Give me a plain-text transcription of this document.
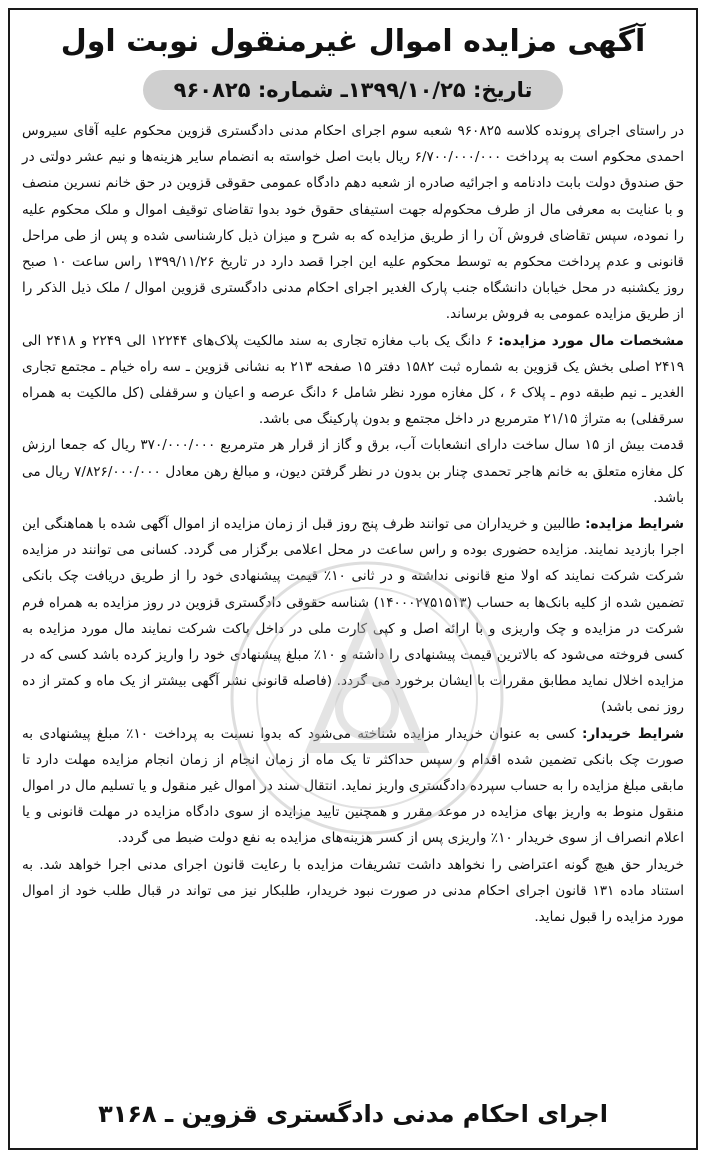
آگهی مزایده اموال غیرمنقول نوبت اول
تاریخ: ۱۳۹۹/۱۰/۲۵ـ شماره: ۹۶۰۸۲۵

در راستای اجرای پرونده کلاسه ۹۶۰۸۲۵ شعبه سوم اجرای احکام مدنی دادگستری قزوین محکوم علیه آقای سیروس احمدی محکوم است به پرداخت ۶/۷۰۰/۰۰۰/۰۰۰ ریال بابت اصل خواسته به انضمام سایر هزینه‌ها و نیم عشر دولتی در حق صندوق دولت بابت دادنامه و اجرائیه صادره از شعبه دهم دادگاه عمومی حقوقی قزوین در حق خانم نسرین منصف و با عنایت به معرفی مال از طرف محکوم‌له جهت استیفای حقوق خود بدوا تقاضای توقیف اموال و ملک محکوم علیه را نموده، سپس تقاضای فروش آن را از طریق مزایده که به شرح و میزان ذیل کارشناسی شده و پس از طی مراحل قانونی و عدم پرداخت محکوم به توسط محکوم علیه این اجرا قصد دارد در تاریخ ۱۳۹۹/۱۱/۲۶ راس ساعت ۱۰ صبح روز یکشنبه در محل خیابان دانشگاه جنب پارک الغدیر اجرای احکام مدنی دادگستری قزوین اموال / ملک ذیل الذکر را از طریق مزایده عمومی به فروش برساند.

مشخصات مال مورد مزایده: ۶ دانگ یک باب مغازه تجاری به سند مالکیت پلاک‌های ۱۲۲۴۴ الی ۲۲۴۹ و ۲۴۱۸ الی ۲۴۱۹ اصلی بخش یک قزوین به شماره ثبت ۱۵۸۲ دفتر ۱۵ صفحه ۲۱۳ به نشانی قزوین ـ سه راه خیام ـ مجتمع تجاری الغدیر ـ نیم طبقه دوم ـ پلاک ۶ ، کل مغازه مورد نظر شامل ۶ دانگ عرصه و اعیان و سرقفلی (کل مالکیت به همراه سرقفلی) به متراژ ۲۱/۱۵ مترمربع در داخل مجتمع و بدون پارکینگ می باشد.

قدمت بیش از ۱۵ سال ساخت دارای انشعابات آب، برق و گاز از قرار هر مترمربع ۳۷۰/۰۰۰/۰۰۰ ریال که جمعا ارزش کل مغازه متعلق به خانم هاجر تحمدی چنار بن بدون در نظر گرفتن دیون، و مبالغ رهن معادل ۷/۸۲۶/۰۰۰/۰۰۰ ریال می باشد.

شرایط مزایده: طالبین و خریداران می توانند ظرف پنج روز قبل از زمان مزایده از اموال آگهی شده با هماهنگی این اجرا بازدید نمایند. مزایده حضوری بوده و راس ساعت در محل اعلامی برگزار می گردد. کسانی می توانند در مزایده شرکت شرکت نمایند که اولا منع قانونی نداشته و در ثانی ۱۰٪ قیمت پیشنهادی خود را از طریق دریافت چک بانکی تضمین شده از کلیه بانک‌ها به حساب (۱۴۰۰۰۲۷۵۱۵۱۳) شناسه حقوقی دادگستری قزوین در روز مزایده به همراه فرم شرکت در مزایده و چک واریزی و با ارائه اصل و کپی کارت ملی در داخل پاکت شرکت نمایند مال مورد مزایده به کسی فروخته می‌شود که بالاترین قیمت پیشنهادی را داشته و ۱۰٪ مبلغ پیشنهادی خود را واریز کرده باشد کسی که در مزایده اخلال نماید مطابق مقررات با ایشان برخورد می گردد. (فاصله قانونی نشر آگهی بیشتر از یک ماه و کمتر از ده روز نمی باشد)

شرایط خریدار: کسی به عنوان خریدار مزایده شناخته می‌شود که بدوا نسبت به پرداخت ۱۰٪ مبلغ پیشنهادی به صورت چک بانکی تضمین شده اقدام و سپس حداکثر تا یک ماه از زمان انجام از زمان انجام مزایده مهلت دارد تا مابقی مبلغ مزایده را به حساب سپرده دادگستری واریز نماید. انتقال سند در اموال غیر منقول و یا تسلیم مال در اموال منقول منوط به واریز بهای مزایده در موعد مقرر و همچنین تایید مزایده از سوی دادگاه مزایده در مهلت قانونی و یا اعلام انصراف از سوی خریدار ۱۰٪ واریزی پس از کسر هزینه‌های مزایده به نفع دولت ضبط می گردد.

خریدار حق هیچ گونه اعتراضی را نخواهد داشت تشریفات مزایده با رعایت قانون اجرای مدنی اجرا خواهد شد. به استناد ماده ۱۳۱ قانون اجرای احکام مدنی در صورت نبود خریدار، طلبکار نیز می تواند در قبال طلب خود از اموال مورد مزایده را قبول نماید.

اجرای احکام مدنی دادگستری قزوین ـ ۳۱۶۸
